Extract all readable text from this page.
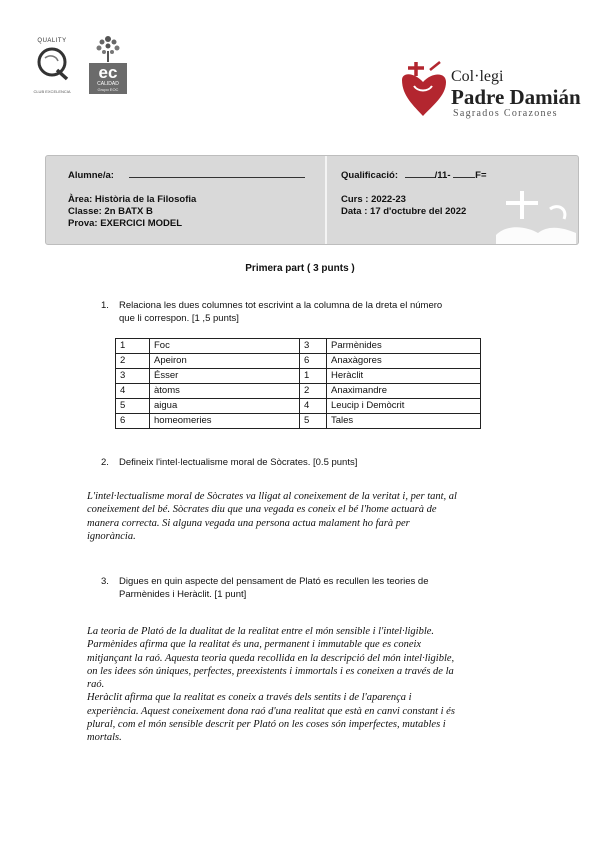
QUALITY
CLUB EXCELENCIA
ec
CALIDAD
Grupo EOC
Col·legi
Padre Damián
Sagrados Corazones
Alumne/a:
Àrea: Història de la Filosofia
Classe: 2n BATX B
Prova: EXERCICI MODEL
Qualificació:	/11-	F=
Curs : 2022-23
Data : 17 d'octubre del 2022
Primera part ( 3 punts )
1. Relaciona les dues columnes tot escrivint a la columna de la dreta el número
que li correspon. [1 ,5 punts]
1	Foc	3	Parmènides
2	Apeiron	6	Anaxàgores
3	Ésser	1	Heràclit
4	àtoms	2	Anaximandre
5	aigua	4	Leucip i Demòcrit
6	homeomeries	5	Tales
2. Defineix l'intel·lectualisme moral de Sòcrates. [0.5 punts]
L'intel·lectualisme moral de Sòcrates va lligat al coneixement de la veritat i, per tant, al
coneixement del bé. Sòcrates diu que una vegada es coneix el bé l'home actuarà de
manera correcta. Si alguna vegada una persona actua malament ho farà per
ignorància.
3. Digues en quin aspecte del pensament de Plató es recullen les teories de
Parmènides i Heràclit. [1 punt]
La teoria de Plató de la dualitat de la realitat entre el món sensible i l'intel·ligible.
Parmènides afirma que la realitat és una, permanent i immutable que es coneix
mitjançant la raó. Aquesta teoria queda recollida en la descripció del món intel·ligible,
on les idees són úniques, perfectes, preexistents i immortals i es coneixen a través de la
raó.
Heràclit afirma que la realitat es coneix a través dels sentits i de l'aparença i
experiència. Aquest coneixement dona raó d'una realitat que està en canvi constant i és
plural, com el món sensible descrit per Plató on les coses són imperfectes, mutables i
mortals.
